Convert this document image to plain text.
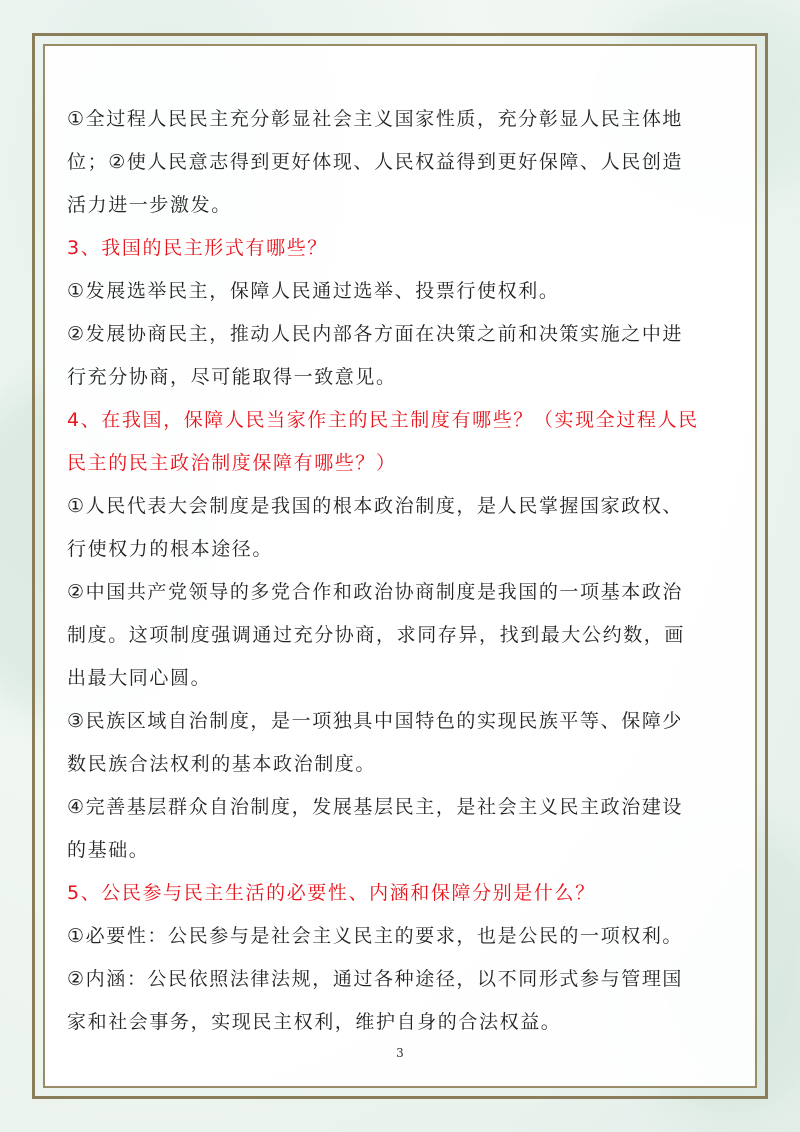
①全过程人民民主充分彰显社会主义国家性质，充分彰显人民主体地

位；②使人民意志得到更好体现、人民权益得到更好保障、人民创造

活力进一步激发。

3、我国的民主形式有哪些？

①发展选举民主，保障人民通过选举、投票行使权利。

②发展协商民主，推动人民内部各方面在决策之前和决策实施之中进

行充分协商，尽可能取得一致意见。

4、在我国，保障人民当家作主的民主制度有哪些？（实现全过程人民

民主的民主政治制度保障有哪些？）

①人民代表大会制度是我国的根本政治制度，是人民掌握国家政权、

行使权力的根本途径。

②中国共产党领导的多党合作和政治协商制度是我国的一项基本政治

制度。这项制度强调通过充分协商，求同存异，找到最大公约数，画

出最大同心圆。

③民族区域自治制度，是一项独具中国特色的实现民族平等、保障少

数民族合法权利的基本政治制度。

④完善基层群众自治制度，发展基层民主，是社会主义民主政治建设

的基础。

5、公民参与民主生活的必要性、内涵和保障分别是什么？

①必要性：公民参与是社会主义民主的要求，也是公民的一项权利。

②内涵：公民依照法律法规，通过各种途径，以不同形式参与管理国

家和社会事务，实现民主权利，维护自身的合法权益。

3
